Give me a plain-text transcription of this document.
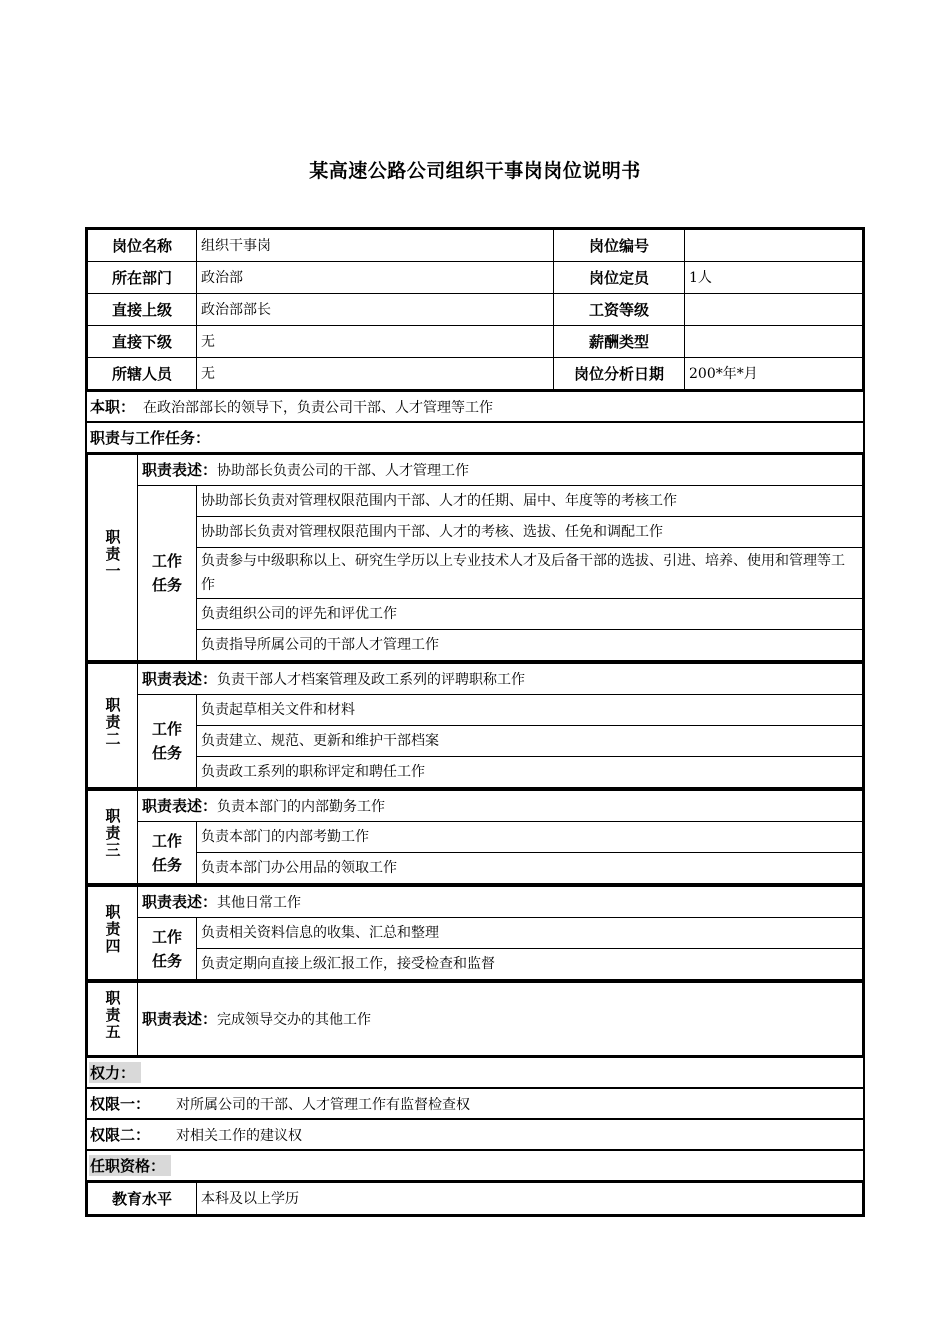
某高速公路公司组织干事岗岗位说明书
岗位名称	组织干事岗	岗位编号	
所在部门	政治部	岗位定员	1人
直接上级	政治部部长	工资等级	
直接下级	无	薪酬类型	
所辖人员	无	岗位分析日期	200*年*月
本职： 在政治部部长的领导下，负责公司干部、人才管理等工作
职责与工作任务：
职责一	职责表述：协助部长负责公司的干部、人才管理工作	
	工作任务	协助部长负责对管理权限范围内干部、人才的任期、届中、年度等的考核工作
		协助部长负责对管理权限范围内干部、人才的考核、选拔、任免和调配工作
		负责参与中级职称以上、研究生学历以上专业技术人才及后备干部的选拔、引进、培养、使用和管理等工作
		负责组织公司的评先和评优工作
		负责指导所属公司的干部人才管理工作
职责二	职责表述：负责干部人才档案管理及政工系列的评聘职称工作	
	工作任务	负责起草相关文件和材料
		负责建立、规范、更新和维护干部档案
		负责政工系列的职称评定和聘任工作
职责三	职责表述：负责本部门的内部勤务工作	
	工作任务	负责本部门的内部考勤工作
		负责本部门办公用品的领取工作
职责四	职责表述：其他日常工作	
	工作任务	负责相关资料信息的收集、汇总和整理
		负责定期向直接上级汇报工作，接受检查和监督
职责五	职责表述：完成领导交办的其他工作
权力：
权限一：	对所属公司的干部、人才管理工作有监督检查权
权限二：	对相关工作的建议权
任职资格：
教育水平	本科及以上学历
